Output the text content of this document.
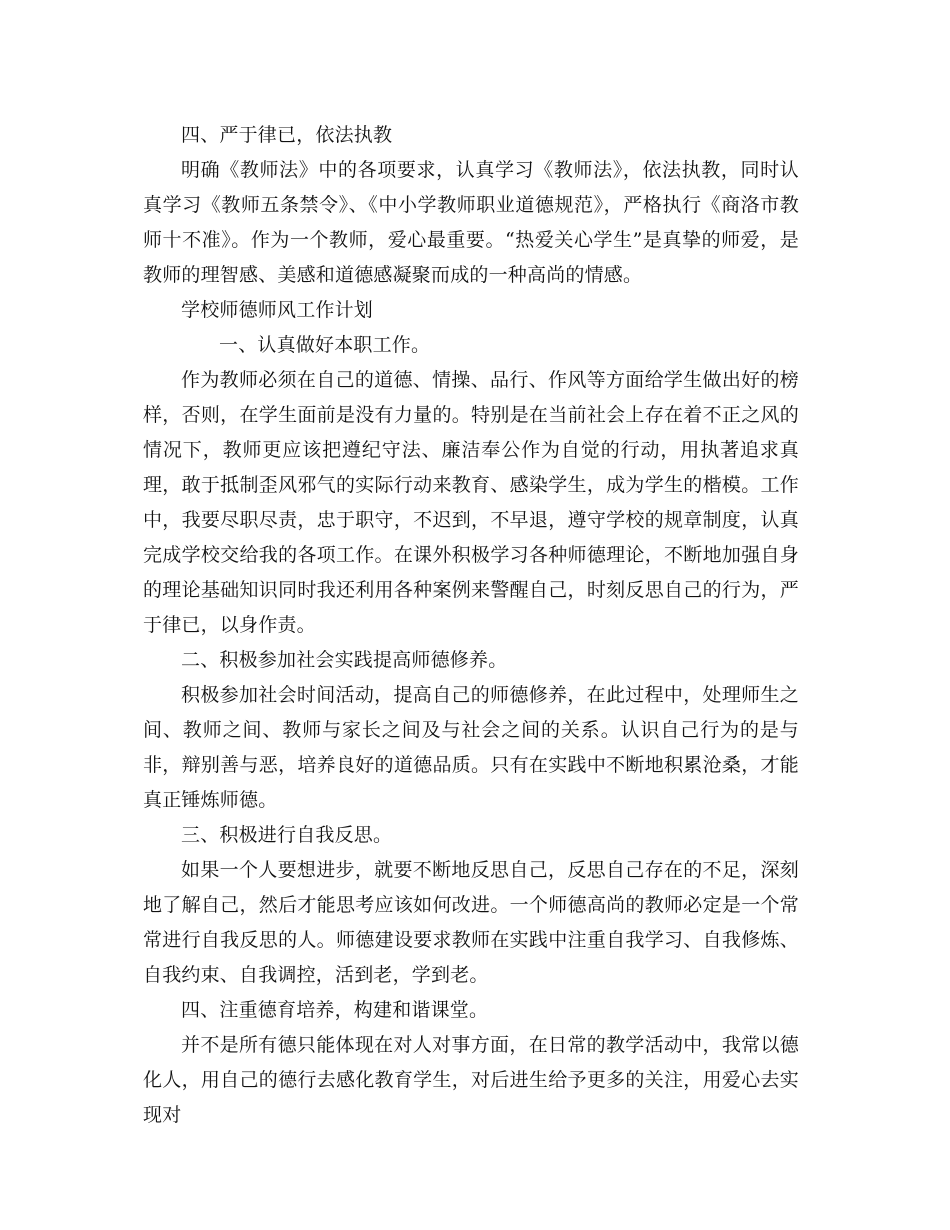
四、严于律已，依法执教

明确《教师法》中的各项要求，认真学习《教师法》，依法执教，同时认真学习《教师五条禁令》、《中小学教师职业道德规范》，严格执行《商洛市教师十不准》。作为一个教师，爱心最重要。“热爱关心学生”是真挚的师爱，是教师的理智感、美感和道德感凝聚而成的一种高尚的情感。

学校师德师风工作计划

一、认真做好本职工作。

作为教师必须在自己的道德、情操、品行、作风等方面给学生做出好的榜样，否则，在学生面前是没有力量的。特别是在当前社会上存在着不正之风的情况下，教师更应该把遵纪守法、廉洁奉公作为自觉的行动，用执著追求真理，敢于抵制歪风邪气的实际行动来教育、感染学生，成为学生的楷模。工作中，我要尽职尽责，忠于职守，不迟到，不早退，遵守学校的规章制度，认真完成学校交给我的各项工作。在课外积极学习各种师德理论，不断地加强自身的理论基础知识同时我还利用各种案例来警醒自己，时刻反思自己的行为，严于律已，以身作责。

二、积极参加社会实践提高师德修养。

积极参加社会时间活动，提高自己的师德修养，在此过程中，处理师生之间、教师之间、教师与家长之间及与社会之间的关系。认识自己行为的是与非，辩别善与恶，培养良好的道德品质。只有在实践中不断地积累沧桑，才能真正锤炼师德。

三、积极进行自我反思。

如果一个人要想进步，就要不断地反思自己，反思自己存在的不足，深刻地了解自己，然后才能思考应该如何改进。一个师德高尚的教师必定是一个常常进行自我反思的人。师德建设要求教师在实践中注重自我学习、自我修炼、自我约束、自我调控，活到老，学到老。

四、注重德育培养，构建和谐课堂。

并不是所有德只能体现在对人对事方面，在日常的教学活动中，我常以德化人，用自己的德行去感化教育学生，对后进生给予更多的关注，用爱心去实现对
